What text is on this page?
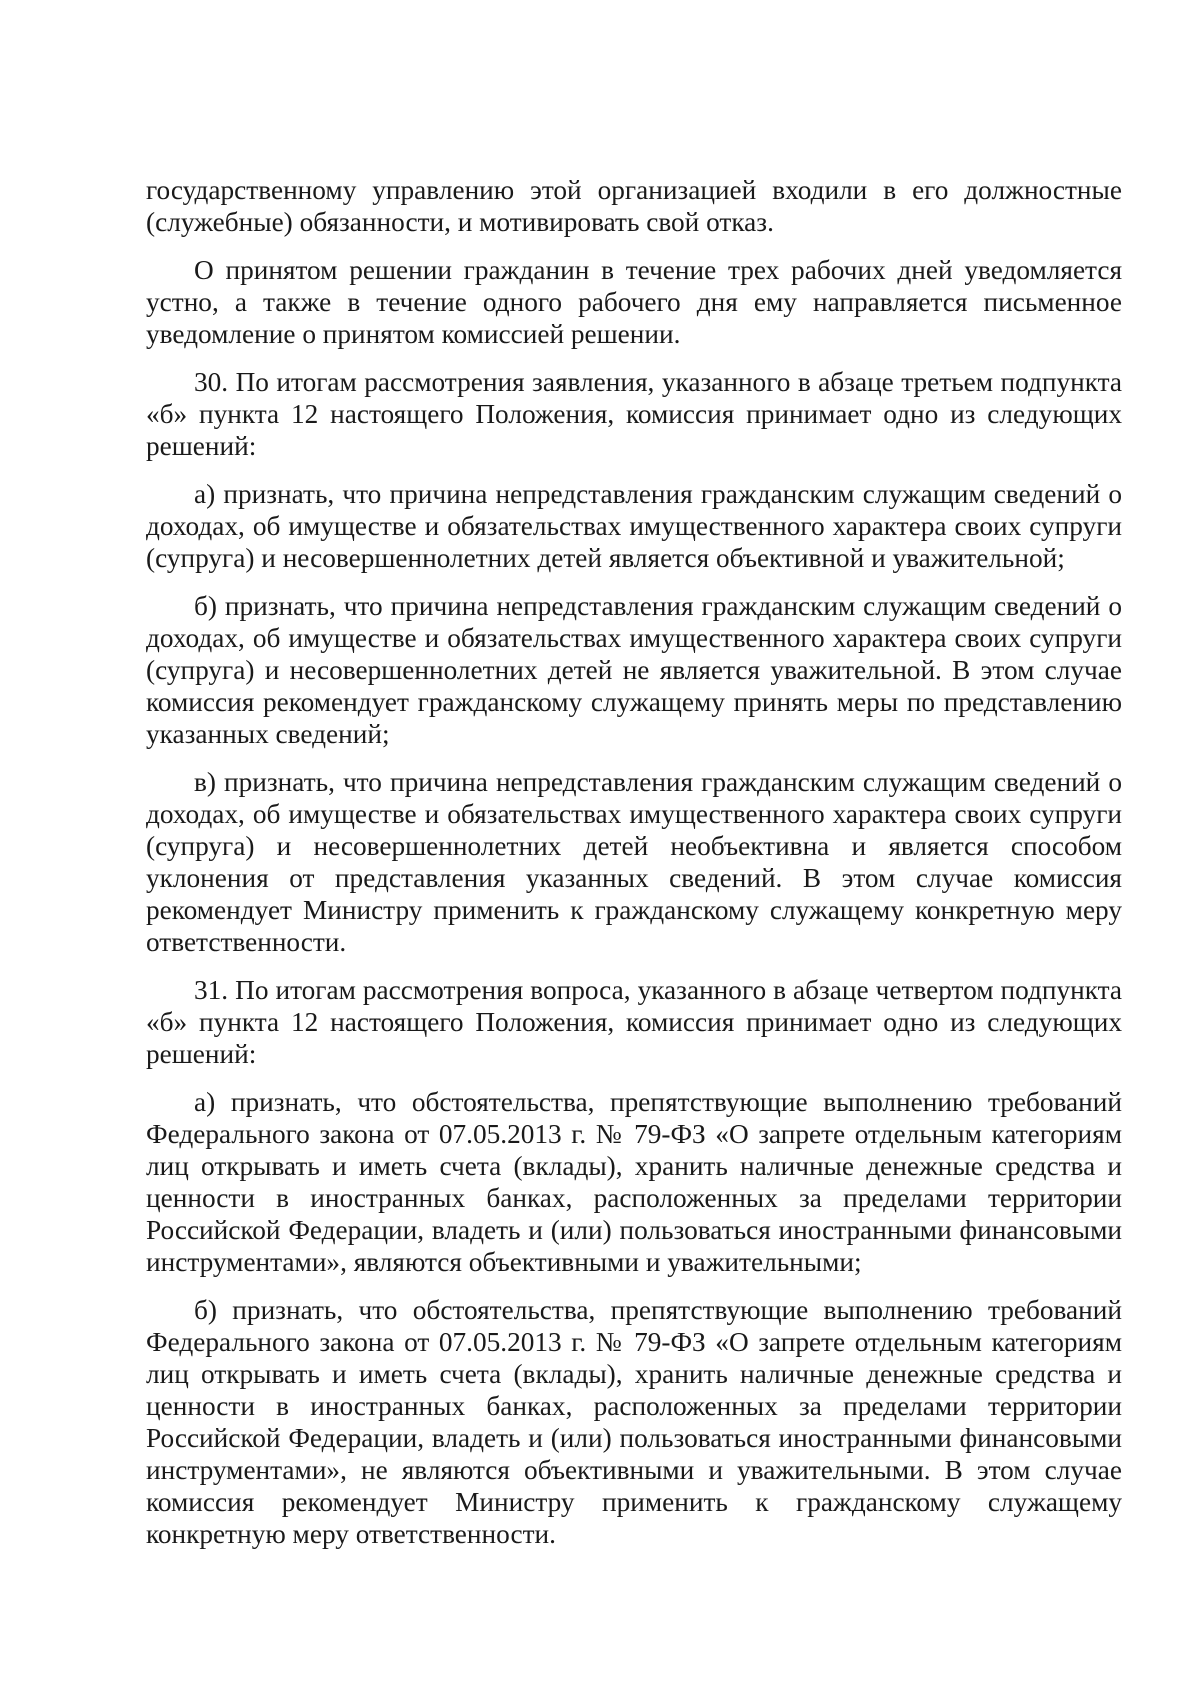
государственному управлению этой организацией входили в его должностные (служебные) обязанности, и мотивировать свой отказ.

О принятом решении гражданин в течение трех рабочих дней уведомляется устно, а также в течение одного рабочего дня ему направляется письменное уведомление о принятом комиссией решении.

30. По итогам рассмотрения заявления, указанного в абзаце третьем подпункта «б» пункта 12 настоящего Положения, комиссия принимает одно из следующих решений:

а) признать, что причина непредставления гражданским служащим сведений о доходах, об имуществе и обязательствах имущественного характера своих супруги (супруга) и несовершеннолетних детей является объективной и уважительной;

б) признать, что причина непредставления гражданским служащим сведений о доходах, об имуществе и обязательствах имущественного характера своих супруги (супруга) и несовершеннолетних детей не является уважительной. В этом случае комиссия рекомендует гражданскому служащему принять меры по представлению указанных сведений;

в) признать, что причина непредставления гражданским служащим сведений о доходах, об имуществе и обязательствах имущественного характера своих супруги (супруга) и несовершеннолетних детей необъективна и является способом уклонения от представления указанных сведений. В этом случае комиссия рекомендует Министру применить к гражданскому служащему конкретную меру ответственности.

31. По итогам рассмотрения вопроса, указанного в абзаце четвертом подпункта «б» пункта 12 настоящего Положения, комиссия принимает одно из следующих решений:

а) признать, что обстоятельства, препятствующие выполнению требований Федерального закона от 07.05.2013 г. № 79-ФЗ «О запрете отдельным категориям лиц открывать и иметь счета (вклады), хранить наличные денежные средства и ценности в иностранных банках, расположенных за пределами территории Российской Федерации, владеть и (или) пользоваться иностранными финансовыми инструментами», являются объективными и уважительными;

б) признать, что обстоятельства, препятствующие выполнению требований Федерального закона от 07.05.2013 г. № 79-ФЗ «О запрете отдельным категориям лиц открывать и иметь счета (вклады), хранить наличные денежные средства и ценности в иностранных банках, расположенных за пределами территории Российской Федерации, владеть и (или) пользоваться иностранными финансовыми инструментами», не являются объективными и уважительными. В этом случае комиссия рекомендует Министру применить к гражданскому служащему конкретную меру ответственности.
